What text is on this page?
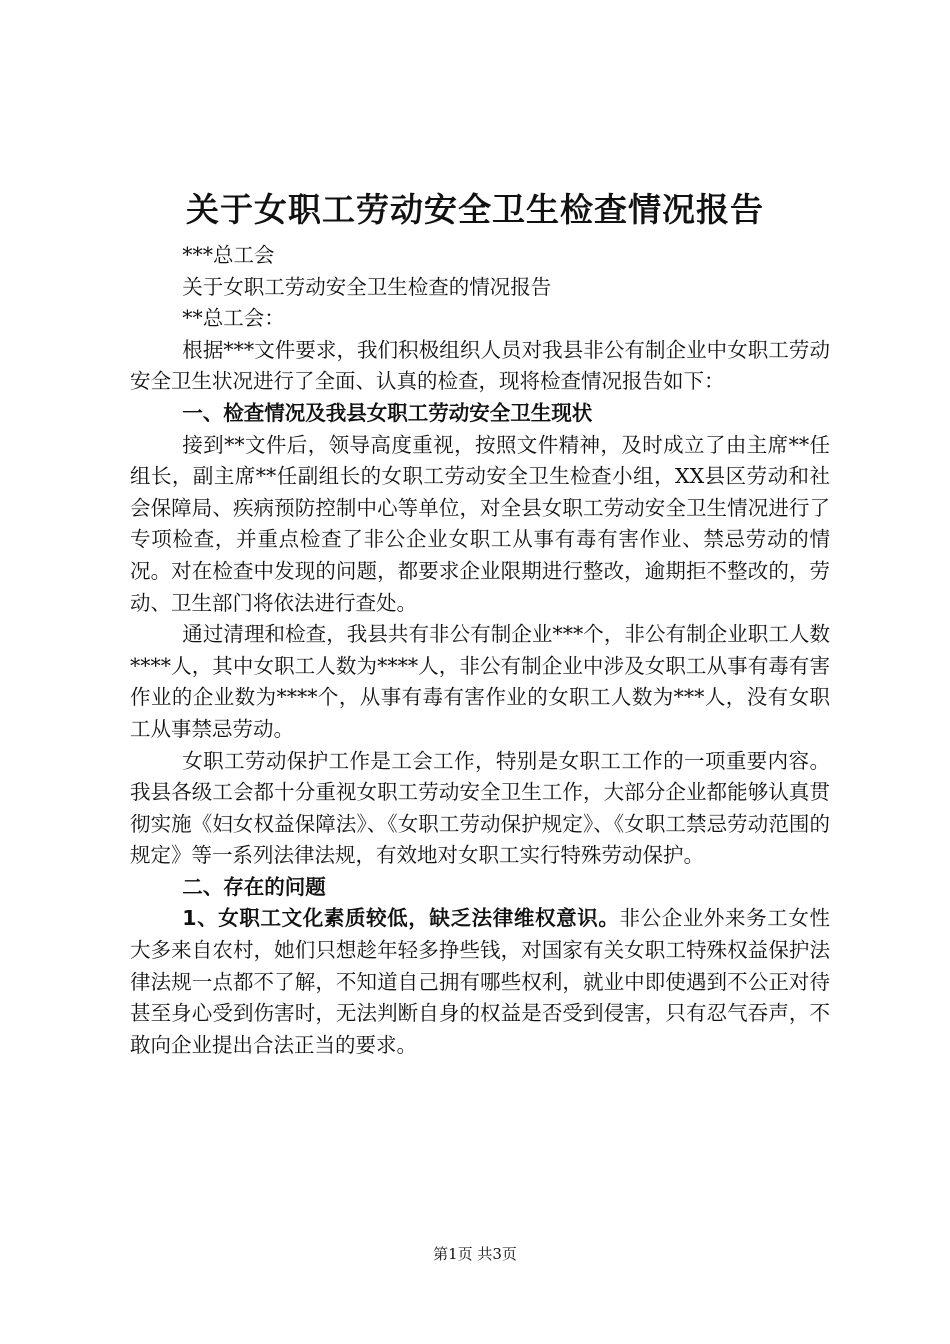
关于女职工劳动安全卫生检查情况报告

***总工会

关于女职工劳动安全卫生检查的情况报告

**总工会：

根据***文件要求，我们积极组织人员对我县非公有制企业中女职工劳动安全卫生状况进行了全面、认真的检查，现将检查情况报告如下：

一、检查情况及我县女职工劳动安全卫生现状

接到**文件后，领导高度重视，按照文件精神，及时成立了由主席**任组长，副主席**任副组长的女职工劳动安全卫生检查小组，XX县区劳动和社会保障局、疾病预防控制中心等单位，对全县女职工劳动安全卫生情况进行了专项检查，并重点检查了非公企业女职工从事有毒有害作业、禁忌劳动的情况。对在检查中发现的问题，都要求企业限期进行整改，逾期拒不整改的，劳动、卫生部门将依法进行查处。

通过清理和检查，我县共有非公有制企业***个，非公有制企业职工人数****人，其中女职工人数为****人，非公有制企业中涉及女职工从事有毒有害作业的企业数为****个，从事有毒有害作业的女职工人数为***人，没有女职工从事禁忌劳动。

女职工劳动保护工作是工会工作，特别是女职工工作的一项重要内容。我县各级工会都十分重视女职工劳动安全卫生工作，大部分企业都能够认真贯彻实施《妇女权益保障法》、《女职工劳动保护规定》、《女职工禁忌劳动范围的规定》等一系列法律法规，有效地对女职工实行特殊劳动保护。

二、存在的问题

1、女职工文化素质较低，缺乏法律维权意识。非公企业外来务工女性大多来自农村，她们只想趁年轻多挣些钱，对国家有关女职工特殊权益保护法律法规一点都不了解，不知道自己拥有哪些权利，就业中即使遇到不公正对待甚至身心受到伤害时，无法判断自身的权益是否受到侵害，只有忍气吞声，不敢向企业提出合法正当的要求。

第1页 共3页
